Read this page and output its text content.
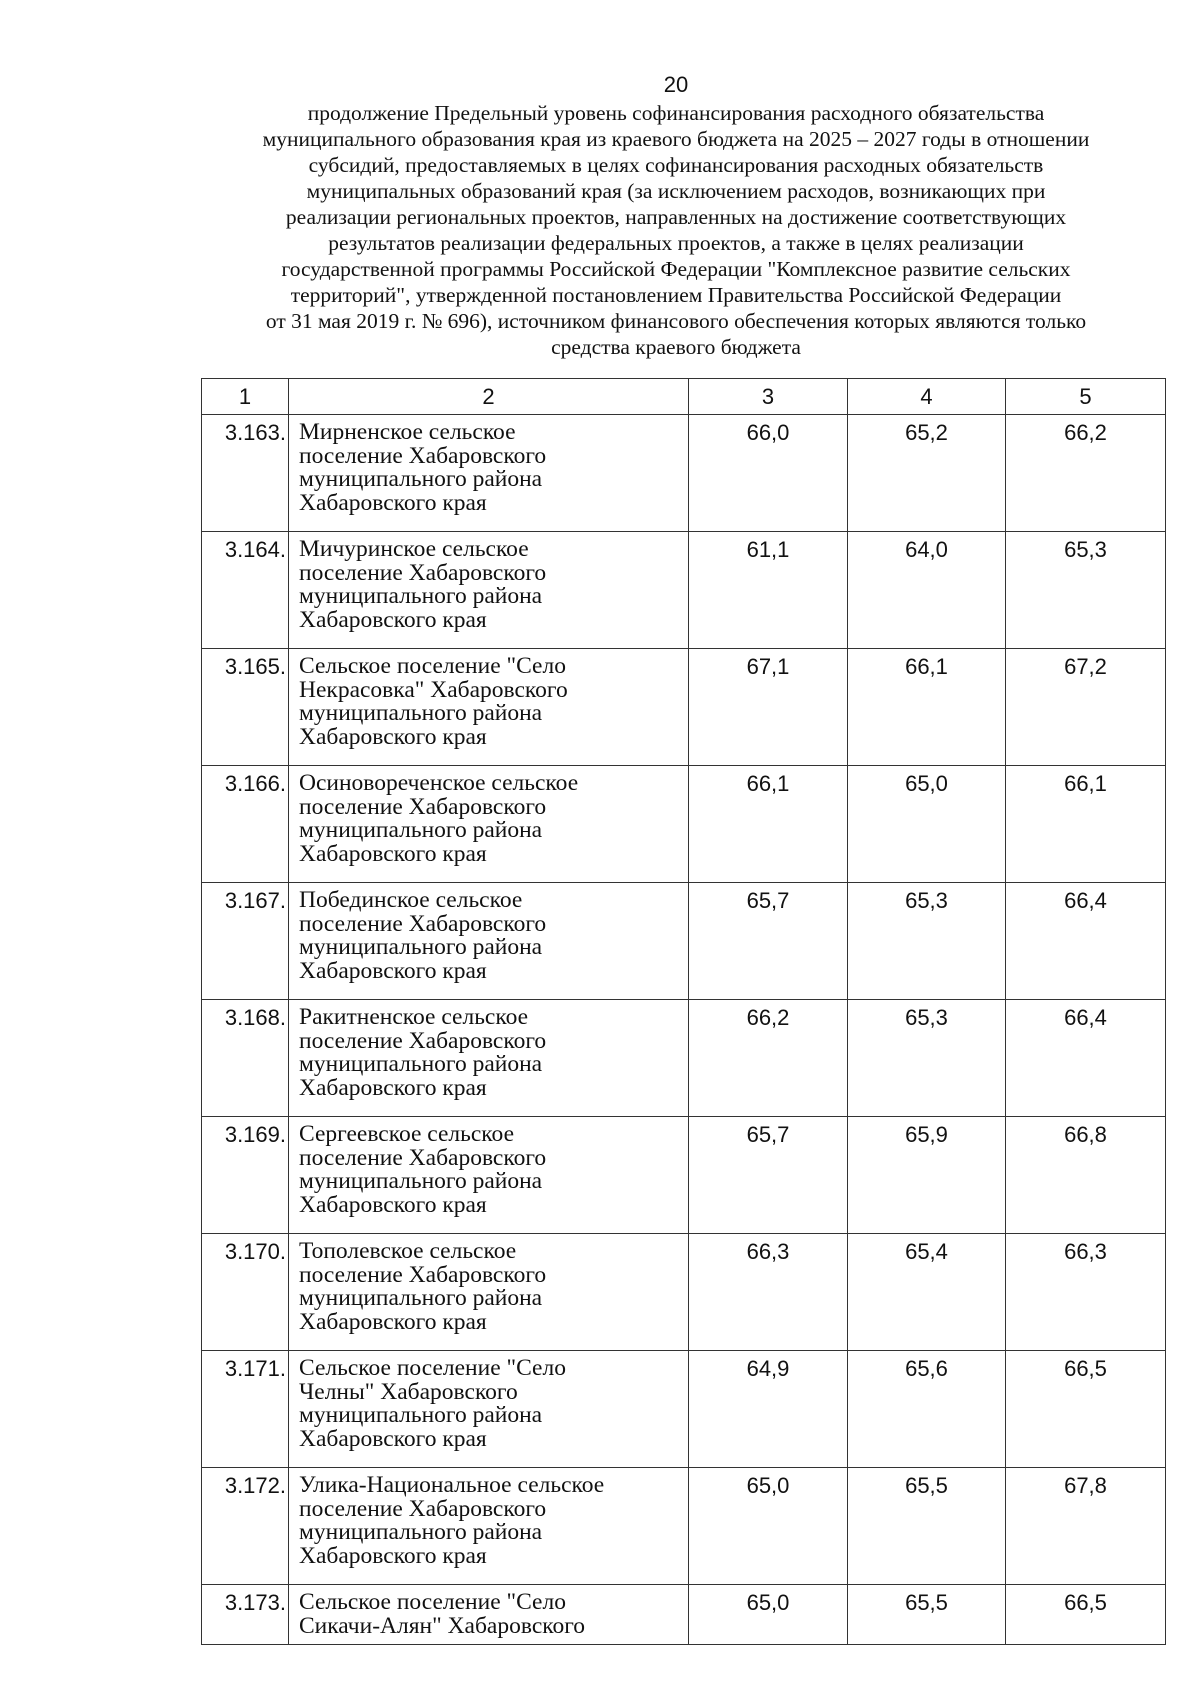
20
продолжение Предельный уровень софинансирования расходного обязательства
муниципального образования края из краевого бюджета на 2025 – 2027 годы в отношении
субсидий, предоставляемых в целях софинансирования расходных обязательств
муниципальных образований края (за исключением расходов, возникающих при
реализации региональных проектов, направленных на достижение соответствующих
результатов реализации федеральных проектов, а также в целях реализации
государственной программы Российской Федерации "Комплексное развитие сельских
территорий", утвержденной постановлением Правительства Российской Федерации
от 31 мая 2019 г. № 696), источником финансового обеспечения которых являются только
средства краевого бюджета
1	2	3	4	5
3.163.	Мирненское сельское
поселение Хабаровского
муниципального района
Хабаровского края	66,0	65,2	66,2
3.164.	Мичуринское сельское
поселение Хабаровского
муниципального района
Хабаровского края	61,1	64,0	65,3
3.165.	Сельское поселение "Село
Некрасовка" Хабаровского
муниципального района
Хабаровского края	67,1	66,1	67,2
3.166.	Осиновореченское сельское
поселение Хабаровского
муниципального района
Хабаровского края	66,1	65,0	66,1
3.167.	Побединское сельское
поселение Хабаровского
муниципального района
Хабаровского края	65,7	65,3	66,4
3.168.	Ракитненское сельское
поселение Хабаровского
муниципального района
Хабаровского края	66,2	65,3	66,4
3.169.	Сергеевское сельское
поселение Хабаровского
муниципального района
Хабаровского края	65,7	65,9	66,8
3.170.	Тополевское сельское
поселение Хабаровского
муниципального района
Хабаровского края	66,3	65,4	66,3
3.171.	Сельское поселение "Село
Челны" Хабаровского
муниципального района
Хабаровского края	64,9	65,6	66,5
3.172.	Улика-Национальное сельское
поселение Хабаровского
муниципального района
Хабаровского края	65,0	65,5	67,8
3.173.	Сельское поселение "Село
Сикачи-Алян" Хабаровского	65,0	65,5	66,5
